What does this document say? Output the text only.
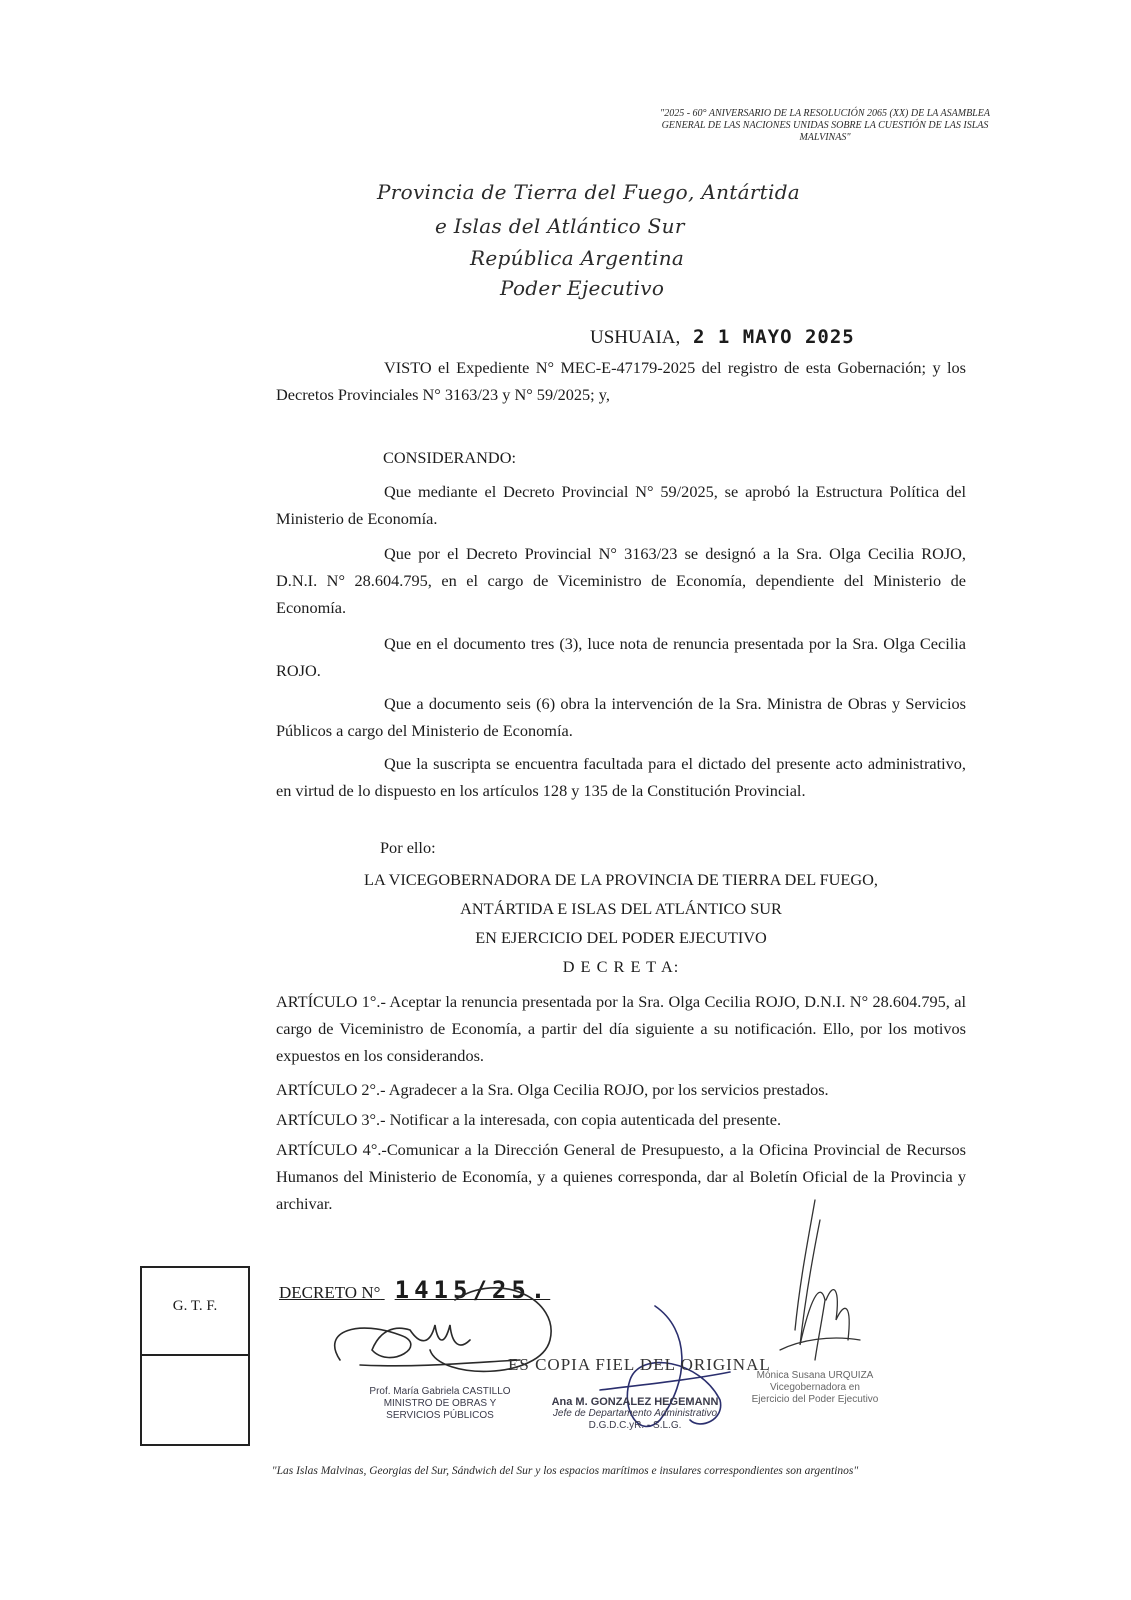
"2025 - 60° ANIVERSARIO DE LA RESOLUCIÓN 2065 (XX) DE LA ASAMBLEA GENERAL DE LAS NACIONES UNIDAS SOBRE LA CUESTIÓN DE LAS ISLAS MALVINAS"
Provincia de Tierra del Fuego, Antártida
e Islas del Atlántico Sur
República Argentina
Poder Ejecutivo
USHUAIA, 2 1 MAYO 2025
VISTO el Expediente N° MEC-E-47179-2025 del registro de esta Gobernación; y los Decretos Provinciales N° 3163/23 y N° 59/2025; y,
CONSIDERANDO:
Que mediante el Decreto Provincial N° 59/2025, se aprobó la Estructura Política del Ministerio de Economía.
Que por el Decreto Provincial N° 3163/23 se designó a la Sra. Olga Cecilia ROJO, D.N.I. N° 28.604.795, en el cargo de Viceministro de Economía, dependiente del Ministerio de Economía.
Que en el documento tres (3), luce nota de renuncia presentada por la Sra. Olga Cecilia ROJO.
Que a documento seis (6) obra la intervención de la Sra. Ministra de Obras y Servicios Públicos a cargo del Ministerio de Economía.
Que la suscripta se encuentra facultada para el dictado del presente acto administrativo, en virtud de lo dispuesto en los artículos 128 y 135 de la Constitución Provincial.
Por ello:
LA VICEGOBERNADORA DE LA PROVINCIA DE TIERRA DEL FUEGO,
ANTÁRTIDA E ISLAS DEL ATLÁNTICO SUR
EN EJERCICIO DEL PODER EJECUTIVO
D E C R E T A:
ARTÍCULO 1°.- Aceptar la renuncia presentada por la Sra. Olga Cecilia ROJO, D.N.I. N° 28.604.795, al cargo de Viceministro de Economía, a partir del día siguiente a su notificación. Ello, por los motivos expuestos en los considerandos.
ARTÍCULO 2°.- Agradecer a la Sra. Olga Cecilia ROJO, por los servicios prestados.
ARTÍCULO 3°.- Notificar a la interesada, con copia autenticada del presente.
ARTÍCULO 4°.-Comunicar a la Dirección General de Presupuesto, a la Oficina Provincial de Recursos Humanos del Ministerio de Economía, y a quienes corresponda, dar al Boletín Oficial de la Provincia y archivar.
DECRETO N° 1415/25.
G. T. F.
ES COPIA FIEL DEL ORIGINAL
Prof. María Gabriela CASTILLO
MINISTRO DE OBRAS Y
SERVICIOS PÚBLICOS
Ana M. GONZALEZ HEGEMANN
Jefe de Departamento Administrativo
D.G.D.C.yR. - S.L.G.
Mónica Susana URQUIZA
Vicegobernadora en
Ejercicio del Poder Ejecutivo
"Las Islas Malvinas, Georgias del Sur, Sándwich del Sur y los espacios marítimos e insulares correspondientes son argentinos"
